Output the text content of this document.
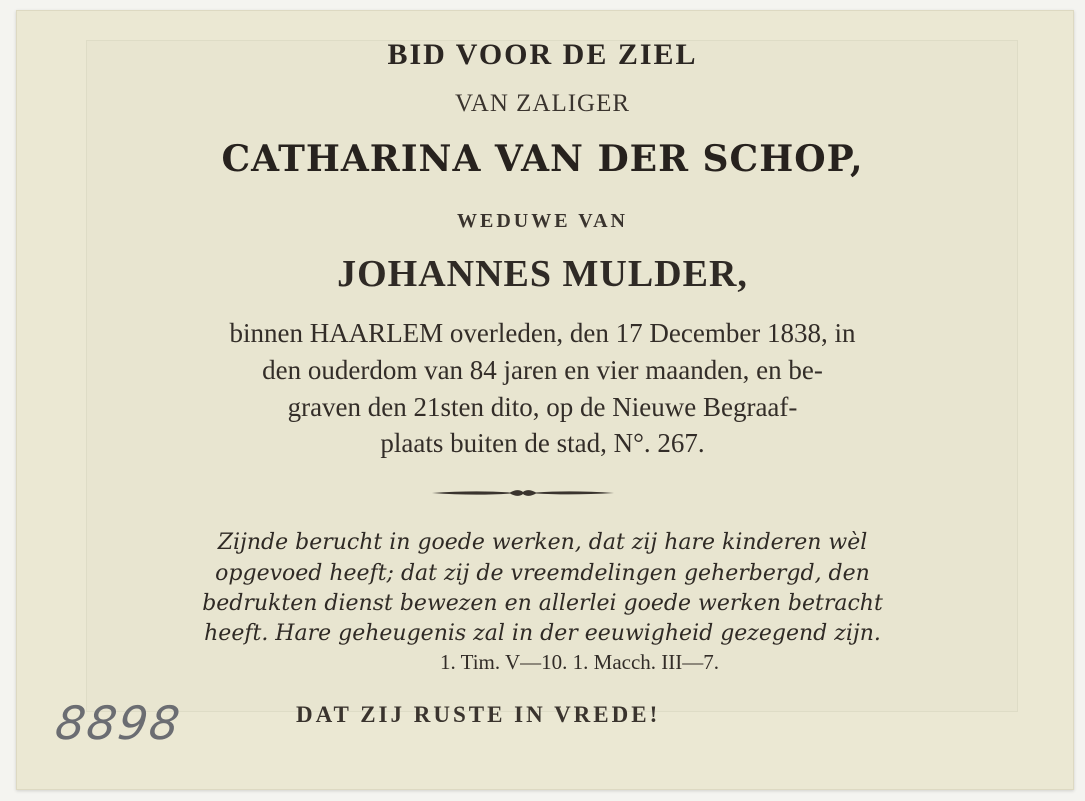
BID VOOR DE ZIEL
VAN ZALIGER
CATHARINA VAN DER SCHOP,
WEDUWE VAN
JOHANNES MULDER,
binnen HAARLEM overleden, den 17 December 1838, in
den ouderdom van 84 jaren en vier maanden, en be-
graven den 21sten dito, op de Nieuwe Begraaf-
plaats buiten de stad, N°. 267.
Zijnde berucht in goede werken, dat zij hare kinderen wèl
opgevoed heeft; dat zij de vreemdelingen geherbergd, den
bedrukten dienst bewezen en allerlei goede werken betracht
heeft. Hare geheugenis zal in der eeuwigheid gezegend zijn.
1. Tim. V—10. 1. Macch. III—7.
DAT ZIJ RUSTE IN VREDE!
8898
